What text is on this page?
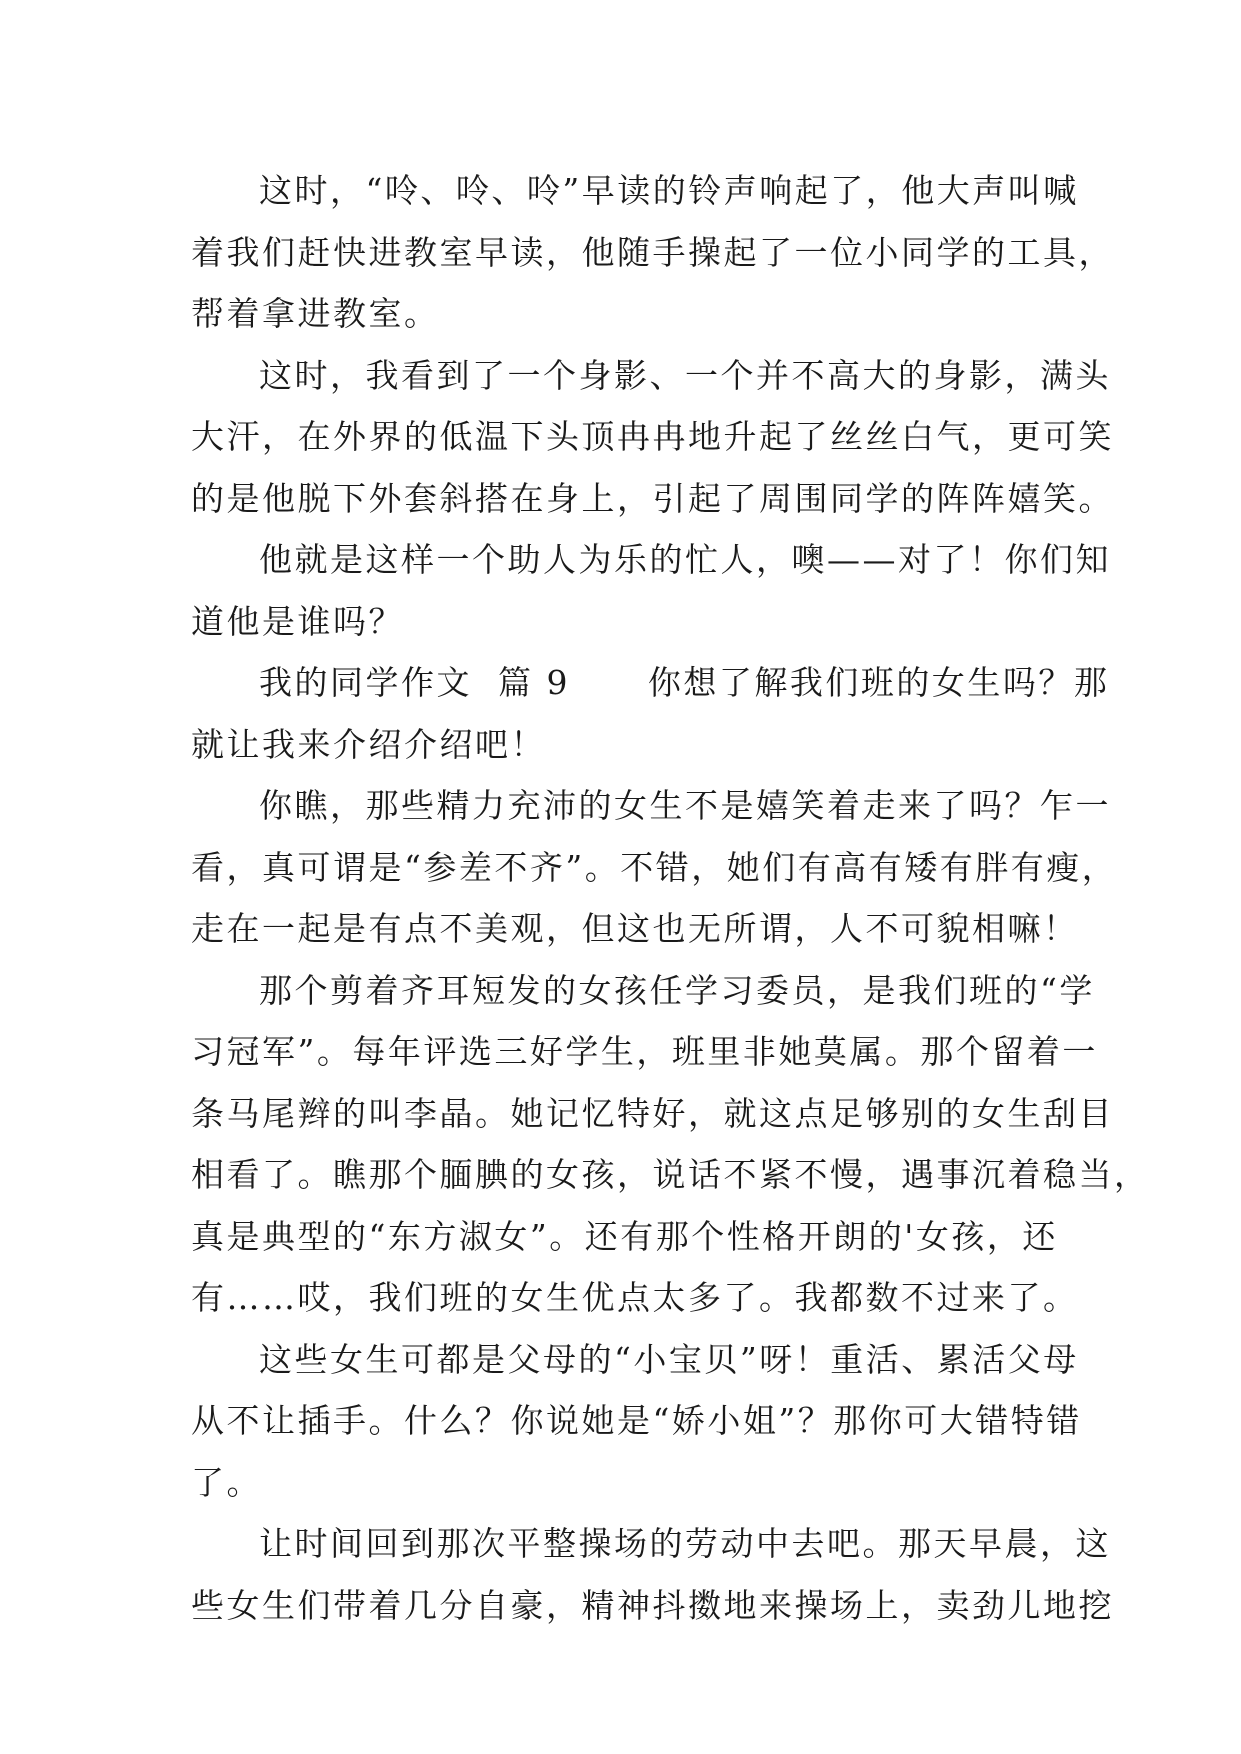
这时，“呤、呤、呤”早读的铃声响起了，他大声叫喊
着我们赶快进教室早读，他随手操起了一位小同学的工具，
帮着拿进教室。
这时，我看到了一个身影、一个并不高大的身影，满头
大汗，在外界的低温下头顶冉冉地升起了丝丝白气，更可笑
的是他脱下外套斜搭在身上，引起了周围同学的阵阵嬉笑。
他就是这样一个助人为乐的忙人，噢——对了！你们知
道他是谁吗？
我的同学作文  篇 9      你想了解我们班的女生吗？那
就让我来介绍介绍吧！
你瞧，那些精力充沛的女生不是嬉笑着走来了吗？乍一
看，真可谓是“参差不齐”。不错，她们有高有矮有胖有瘦，
走在一起是有点不美观，但这也无所谓，人不可貌相嘛！
那个剪着齐耳短发的女孩任学习委员，是我们班的“学
习冠军”。每年评选三好学生，班里非她莫属。那个留着一
条马尾辫的叫李晶。她记忆特好，就这点足够别的女生刮目
相看了。瞧那个腼腆的女孩，说话不紧不慢，遇事沉着稳当，
真是典型的“东方淑女”。还有那个性格开朗的'女孩，还
有……哎，我们班的女生优点太多了。我都数不过来了。
这些女生可都是父母的“小宝贝”呀！重活、累活父母
从不让插手。什么？你说她是“娇小姐”？那你可大错特错
了。
让时间回到那次平整操场的劳动中去吧。那天早晨，这
些女生们带着几分自豪，精神抖擞地来操场上，卖劲儿地挖
